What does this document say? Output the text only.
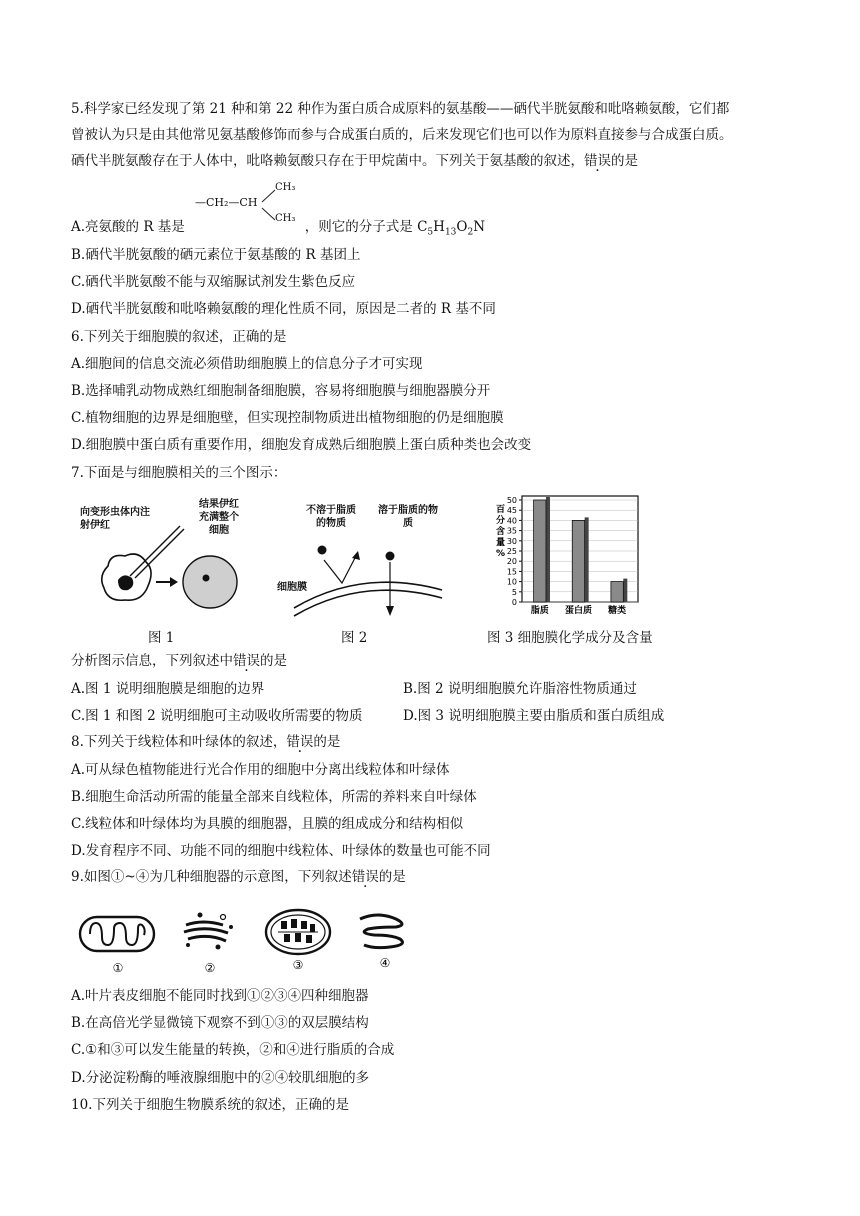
5.科学家已经发现了第 21 种和第 22 种作为蛋白质合成原料的氨基酸——硒代半胱氨酸和吡咯赖氨酸，它们都
曾被认为只是由其他常见氨基酸修饰而参与合成蛋白质的，后来发现它们也可以作为原料直接参与合成蛋白质。
硒代半胱氨酸存在于人体中，吡咯赖氨酸只存在于甲烷菌中。下列关于氨基酸的叙述，错误的是
—CH₂—CH
CH₃
CH₃
A.亮氨酸的 R 基是	，则它的分子式是 $C_5H_{13}O_2N$
B.硒代半胱氨酸的硒元素位于氨基酸的 R 基团上
C.硒代半胱氨酸不能与双缩脲试剂发生紫色反应
D.硒代半胱氨酸和吡咯赖氨酸的理化性质不同，原因是二者的 R 基不同
6.下列关于细胞膜的叙述，正确的是
A.细胞间的信息交流必须借助细胞膜上的信息分子才可实现
B.选择哺乳动物成熟红细胞制备细胞膜，容易将细胞膜与细胞器膜分开
C.植物细胞的边界是细胞壁，但实现控制物质进出植物细胞的仍是细胞膜
D.细胞膜中蛋白质有重要作用，细胞发育成熟后细胞膜上蛋白质种类也会改变
7.下面是与细胞膜相关的三个图示：
向变形虫体内注射伊红
结果伊红充满整个细胞
图 1
不溶于脂质的物质
溶于脂质的物质
细胞膜
图 2
百
分
含
量
%
0
5
10
15
20
25
30
35
40
45
50
脂质 蛋白质 糖类
图 3 细胞膜化学成分及含量
分析图示信息，下列叙述中错误的是
A.图 1 说明细胞膜是细胞的边界	B.图 2 说明细胞膜允许脂溶性物质通过
C.图 1 和图 2 说明细胞可主动吸收所需要的物质	D.图 3 说明细胞膜主要由脂质和蛋白质组成
8.下列关于线粒体和叶绿体的叙述，错误的是
A.可从绿色植物能进行光合作用的细胞中分离出线粒体和叶绿体
B.细胞生命活动所需的能量全部来自线粒体，所需的养料来自叶绿体
C.线粒体和叶绿体均为具膜的细胞器，且膜的组成成分和结构相似
D.发育程序不同、功能不同的细胞中线粒体、叶绿体的数量也可能不同
9.如图①~④为几种细胞器的示意图，下列叙述错误的是
①	②	③	④
A.叶片表皮细胞不能同时找到①②③④四种细胞器
B.在高倍光学显微镜下观察不到①③的双层膜结构
C.①和③可以发生能量的转换，②和④进行脂质的合成
D.分泌淀粉酶的唾液腺细胞中的②④较肌细胞的多
10.下列关于细胞生物膜系统的叙述，正确的是
